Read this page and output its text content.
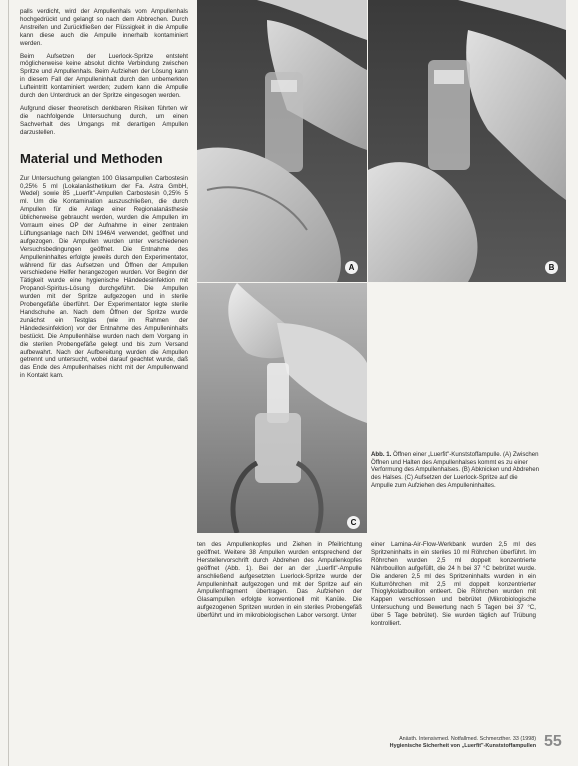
palls verdicht, wird der Ampullenhals vom Ampullenhals hochgedrückt und gelangt so nach dem Abbrechen. Durch Anstreifen und Zurückfließen der Flüssigkeit in die Ampulle kann diese auch die Ampulle innerhalb kontaminiert werden.

Beim Aufsetzen der Luerlock-Spritze entsteht möglicherweise keine absolut dichte Verbindung zwischen Spritze und Ampullenhals. Beim Aufziehen der Lösung kann in diesem Fall der Ampulleninhalt durch den unbemerkten Lufteintritt kontaminiert werden; zudem kann die Ampulle durch den Unterdruck an der Spritze eingesogen werden.

Aufgrund dieser theoretisch denkbaren Risiken führten wir die nachfolgende Untersuchung durch, um einen Sachverhalt des Umgangs mit derartigen Ampullen darzustellen.

Material und Methoden

Zur Untersuchung gelangten 100 Glasampullen Carbostesin 0,25% 5 ml (Lokalanästhetikum der Fa. Astra GmbH, Wedel) sowie 85 „Luerfit"-Ampullen Carbostesin 0,25% 5 ml. Um die Kontamination auszuschließen, die durch Ampullen für die Anlage einer Regionalanästhesie üblicherweise gebraucht werden, wurden die Ampullen im Vorraum eines OP der Aufnahme in einer zentralen Lüftungsanlage nach DIN 1946/4 verwendet, geöffnet und aufgezogen. Die Ampullen wurden unter verschiedenen Versuchsbedingungen geöffnet. Die Entnahme des Ampulleninhaltes erfolgte jeweils durch den Experimentator, während für das Aufsetzen und Öffnen der Ampullen verschiedene Helfer herangezogen wurden. Vor Beginn der Tätigkeit wurde eine hygienische Händedesinfektion mit Propanol-Spiritus-Lösung durchgeführt. Die Ampullen wurden mit der Spritze aufgezogen und in sterile Probengefäße überführt. Der Experimentator legte sterile Handschuhe an. Nach dem Öffnen der Spritze wurde zunächst ein Testglas (wie im Rahmen der Händedesinfektion) vor der Entnahme des Ampulleninhalts bestückt. Die Ampullenhälse wurden nach dem Vorgang in die sterilen Probengefäße gelegt und bis zum Versand aufbewahrt. Nach der Aufbereitung wurden die Ampullen getrennt und untersucht, wobei darauf geachtet wurde, daß das Ende des Ampullenhalses nicht mit der Ampullenwand in Kontakt kam.

A	B
C
Abb. 1. Öffnen einer „Luerfit"-Kunststoffampulle. (A) Zwischen Öffnen und Halten des Ampullenhalses kommt es zu einer Verformung des Ampullenhalses. (B) Abknicken und Abdrehen des Halses. (C) Aufsetzen der Luerlock-Spritze auf die Ampulle zum Aufziehen des Ampulleninhaltes.

ten des Ampullenkopfes und Ziehen in Pfeilrichtung geöffnet. Weitere 38 Ampullen wurden entsprechend der Herstellervorschrift durch Abdrehen des Ampullenkopfes geöffnet (Abb. 1). Bei der an der „Luerfit"-Ampulle anschließend aufgesetzten Luerlock-Spritze wurde der Ampulleninhalt aufgezogen und mit der Spritze auf ein Ampullenfragment übertragen. Das Aufziehen der Glasampullen erfolgte konventionell mit Kanüle. Die aufgezogenen Spritzen wurden in ein steriles Probengefäß überführt und im mikrobiologischen Labor versorgt. Unter

einer Lamina-Air-Flow-Werkbank wurden 2,5 ml des Spritzeninhalts in ein steriles 10 ml Röhrchen überführt. Im Röhrchen wurden 2,5 ml doppelt konzentrierte Nährbouillon aufgefüllt, die 24 h bei 37 °C bebrütet wurde. Die anderen 2,5 ml des Spritzeninhalts wurden in ein Kulturröhrchen mit 2,5 ml doppelt konzentrierter Thioglykolatbouillon entleert. Die Röhrchen wurden mit Kappen verschlossen und bebrütet (Mikrobiologische Untersuchung und Bewertung nach 5 Tagen bei 37 °C, über 5 Tage bebrütet). Sie wurden täglich auf Trübung kontrolliert.

Anästh. Intensivmed. Notfallmed. Schmerzther. 33 (1998)
Hygienische Sicherheit von „Luerfit"-Kunststoffampullen 55
